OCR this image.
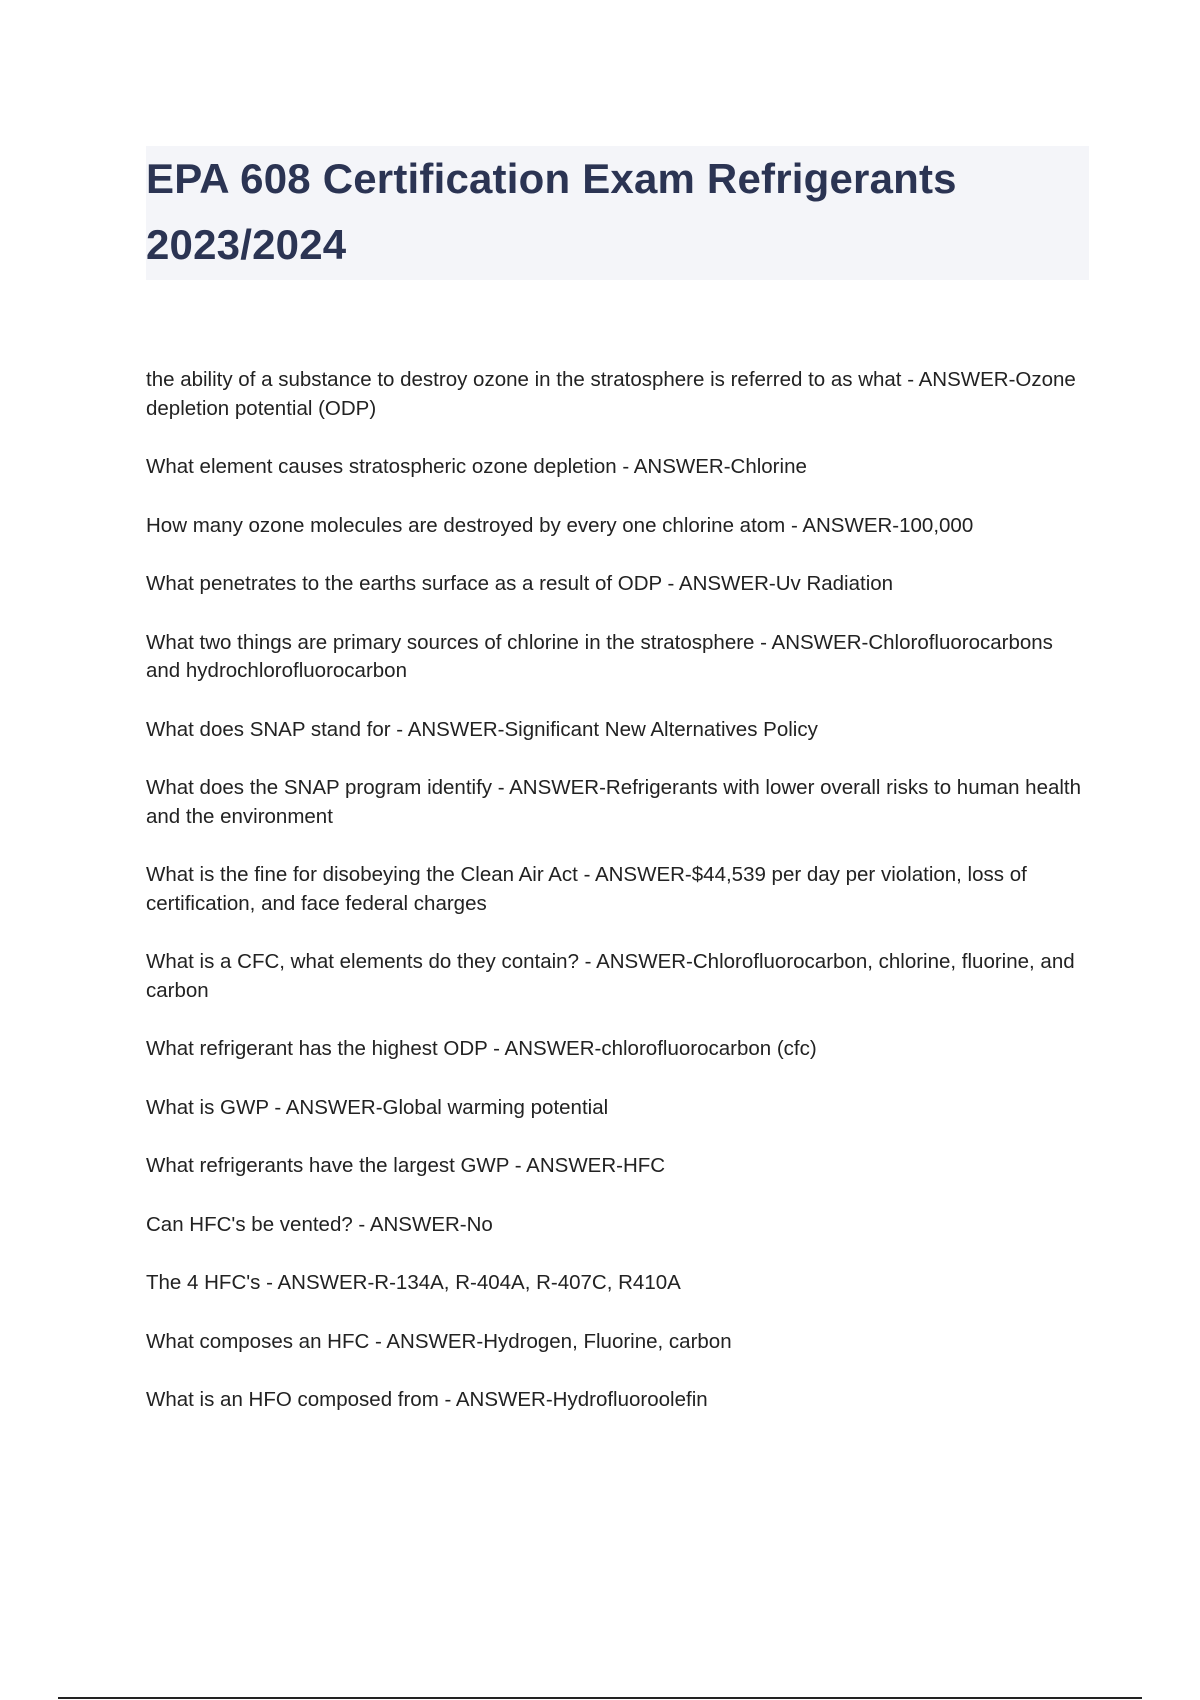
EPA 608 Certification Exam Refrigerants 2023/2024
the ability of a substance to destroy ozone in the stratosphere is referred to as what - ANSWER-Ozone depletion potential (ODP)
What element causes stratospheric ozone depletion - ANSWER-Chlorine
How many ozone molecules are destroyed by every one chlorine atom - ANSWER-100,000
What penetrates to the earths surface as a result of ODP - ANSWER-Uv Radiation
What two things are primary sources of chlorine in the stratosphere - ANSWER-Chlorofluorocarbons and hydrochlorofluorocarbon
What does SNAP stand for - ANSWER-Significant New Alternatives Policy
What does the SNAP program identify - ANSWER-Refrigerants with lower overall risks to human health and the environment
What is the fine for disobeying the Clean Air Act - ANSWER-$44,539 per day per violation, loss of certification, and face federal charges
What is a CFC, what elements do they contain? - ANSWER-Chlorofluorocarbon, chlorine, fluorine, and carbon
What refrigerant has the highest ODP - ANSWER-chlorofluorocarbon (cfc)
What is GWP - ANSWER-Global warming potential
What refrigerants have the largest GWP - ANSWER-HFC
Can HFC's be vented? - ANSWER-No
The 4 HFC's - ANSWER-R-134A, R-404A, R-407C, R410A
What composes an HFC - ANSWER-Hydrogen, Fluorine, carbon
What is an HFO composed from - ANSWER-Hydrofluoroolefin
